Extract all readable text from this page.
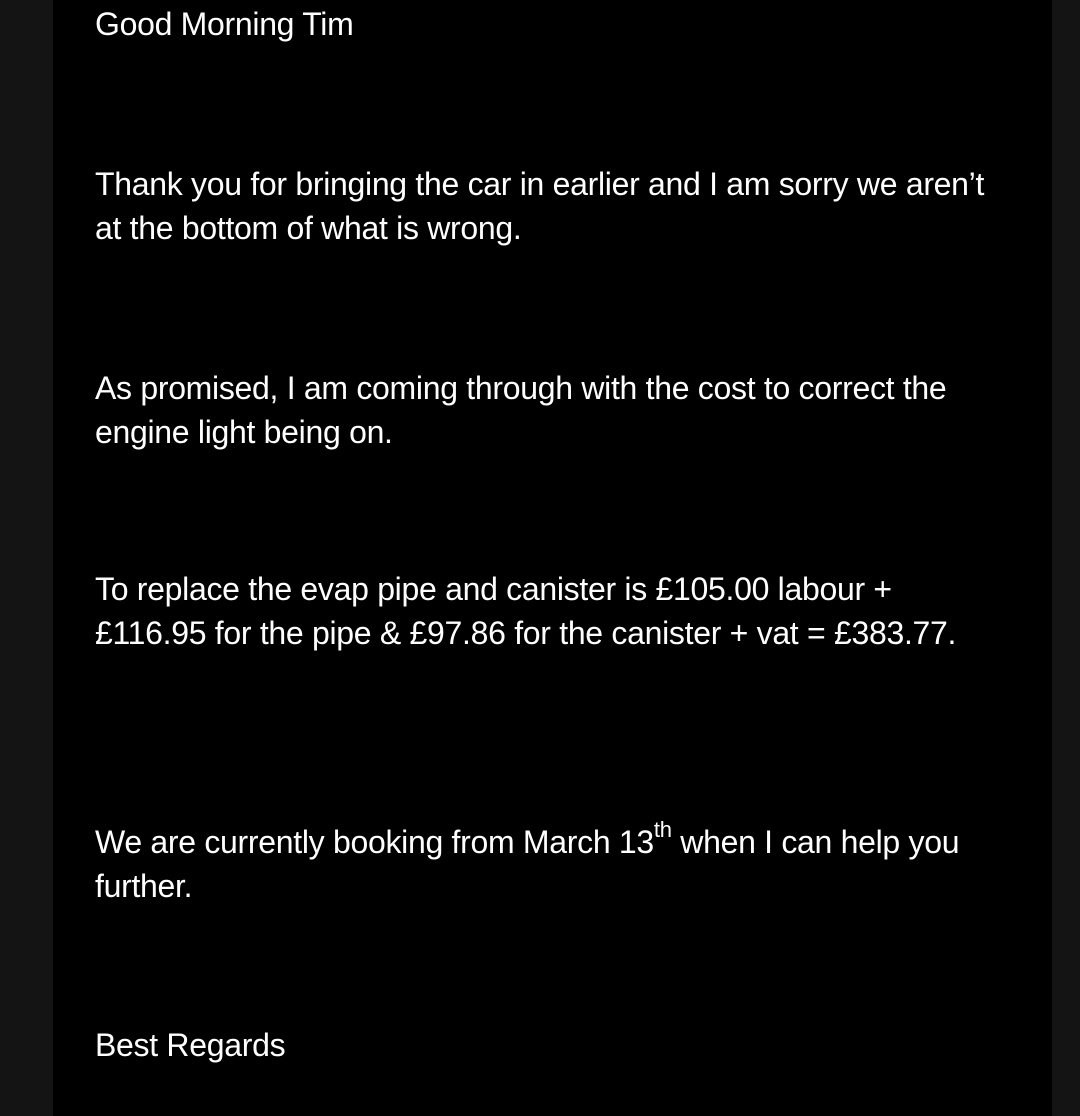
Good Morning Tim

Thank you for bringing the car in earlier and I am sorry we aren’t at the bottom of what is wrong.

As promised, I am coming through with the cost to correct the engine light being on.

To replace the evap pipe and canister is £105.00 labour + £116.95 for the pipe & £97.86 for the canister + vat = £383.77.

We are currently booking from March 13th when I can help you further.

Best Regards
